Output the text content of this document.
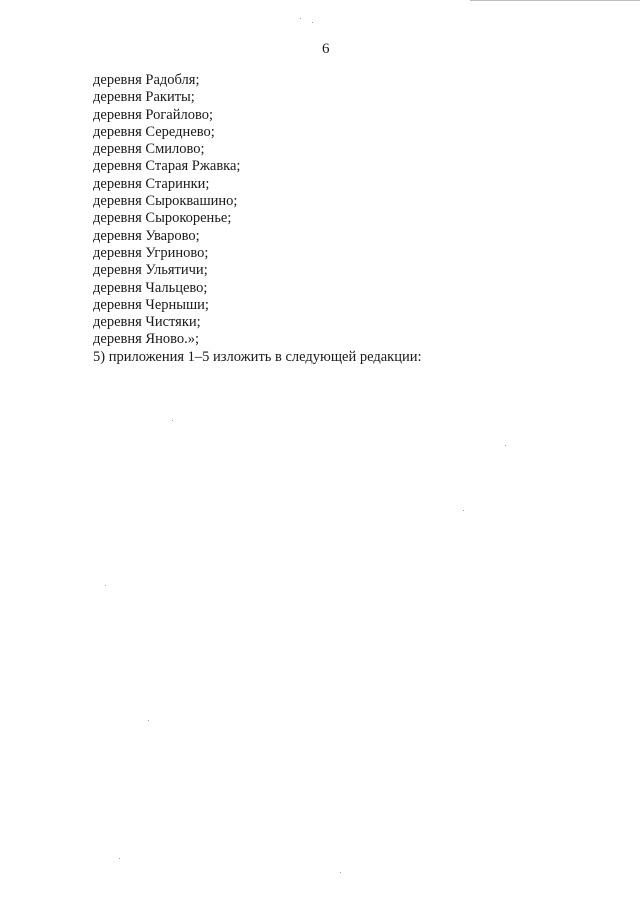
6
деревня Радобля;
деревня Ракиты;
деревня Рогайлово;
деревня Середнево;
деревня Смилово;
деревня Старая Ржавка;
деревня Старинки;
деревня Сыроквашино;
деревня Сырокоренье;
деревня Уварово;
деревня Угриново;
деревня Ульятичи;
деревня Чальцево;
деревня Черныши;
деревня Чистяки;
деревня Яново.»;
5) приложения 1–5 изложить в следующей редакции:
